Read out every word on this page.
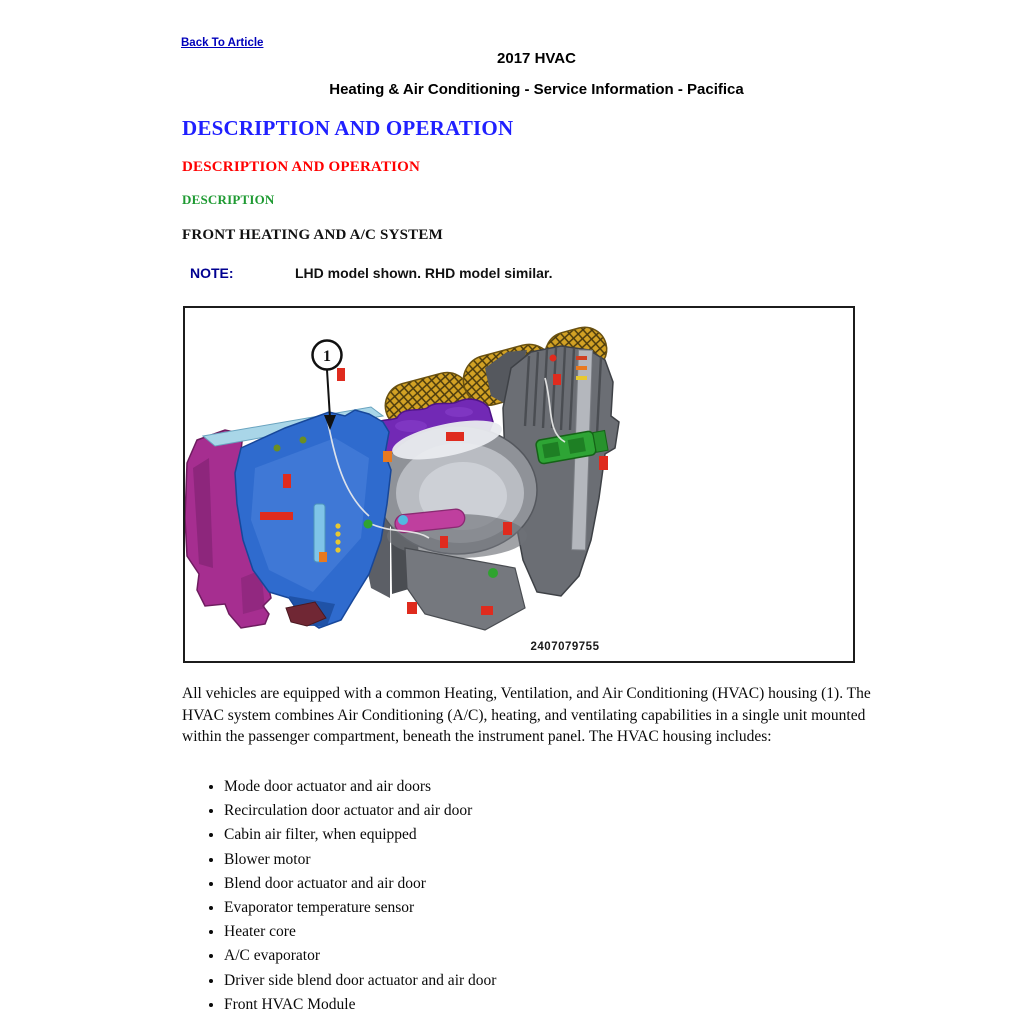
Back To Article
2017 HVAC
Heating & Air Conditioning - Service Information - Pacifica
DESCRIPTION AND OPERATION
DESCRIPTION AND OPERATION
DESCRIPTION
FRONT HEATING AND A/C SYSTEM
NOTE:	LHD model shown. RHD model similar.
1
2407079755
All vehicles are equipped with a common Heating, Ventilation, and Air Conditioning (HVAC) housing (1). The HVAC system combines Air Conditioning (A/C), heating, and ventilating capabilities in a single unit mounted within the passenger compartment, beneath the instrument panel. The HVAC housing includes:
• Mode door actuator and air doors
• Recirculation door actuator and air door
• Cabin air filter, when equipped
• Blower motor
• Blend door actuator and air door
• Evaporator temperature sensor
• Heater core
• A/C evaporator
• Driver side blend door actuator and air door
• Front HVAC Module
